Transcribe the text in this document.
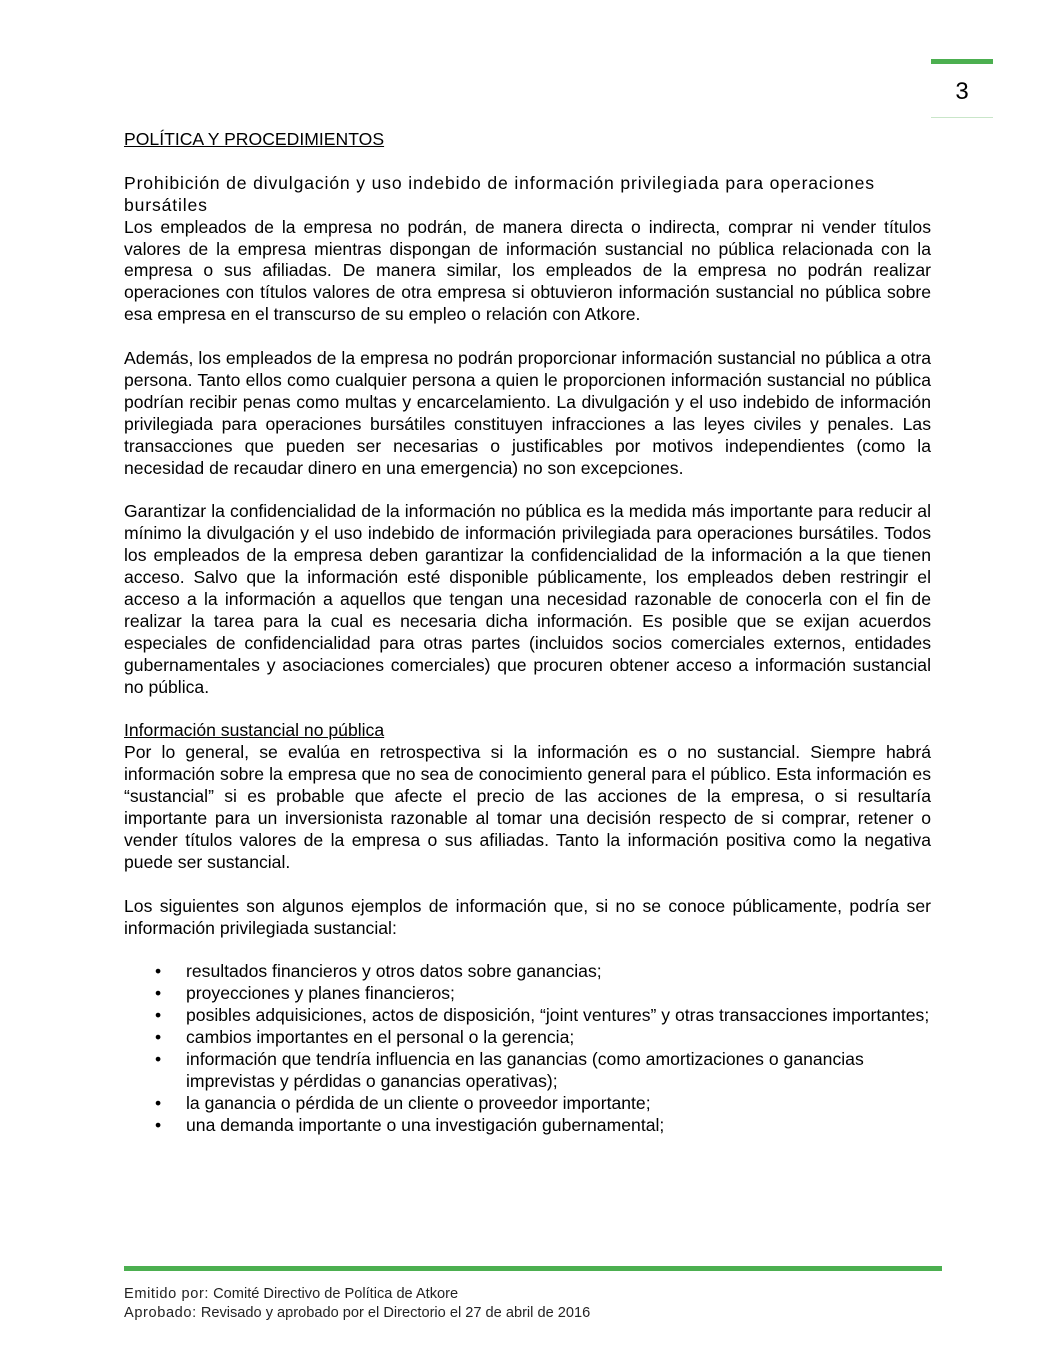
3

POLÍTICA Y PROCEDIMIENTOS

Prohibición de divulgación y uso indebido de información privilegiada para operaciones bursátiles

Los empleados de la empresa no podrán, de manera directa o indirecta, comprar ni vender títulos valores de la empresa mientras dispongan de información sustancial no pública relacionada con la empresa o sus afiliadas. De manera similar, los empleados de la empresa no podrán realizar operaciones con títulos valores de otra empresa si obtuvieron información sustancial no pública sobre esa empresa en el transcurso de su empleo o relación con Atkore.

Además, los empleados de la empresa no podrán proporcionar información sustancial no pública a otra persona. Tanto ellos como cualquier persona a quien le proporcionen información sustancial no pública podrían recibir penas como multas y encarcelamiento. La divulgación y el uso indebido de información privilegiada para operaciones bursátiles constituyen infracciones a las leyes civiles y penales. Las transacciones que pueden ser necesarias o justificables por motivos independientes (como la necesidad de recaudar dinero en una emergencia) no son excepciones.

Garantizar la confidencialidad de la información no pública es la medida más importante para reducir al mínimo la divulgación y el uso indebido de información privilegiada para operaciones bursátiles. Todos los empleados de la empresa deben garantizar la confidencialidad de la información a la que tienen acceso. Salvo que la información esté disponible públicamente, los empleados deben restringir el acceso a la información a aquellos que tengan una necesidad razonable de conocerla con el fin de realizar la tarea para la cual es necesaria dicha información. Es posible que se exijan acuerdos especiales de confidencialidad para otras partes (incluidos socios comerciales externos, entidades gubernamentales y asociaciones comerciales) que procuren obtener acceso a información sustancial no pública.

Información sustancial no pública

Por lo general, se evalúa en retrospectiva si la información es o no sustancial. Siempre habrá información sobre la empresa que no sea de conocimiento general para el público. Esta información es “sustancial” si es probable que afecte el precio de las acciones de la empresa, o si resultaría importante para un inversionista razonable al tomar una decisión respecto de si comprar, retener o vender títulos valores de la empresa o sus afiliadas. Tanto la información positiva como la negativa puede ser sustancial.

Los siguientes son algunos ejemplos de información que, si no se conoce públicamente, podría ser información privilegiada sustancial:

• resultados financieros y otros datos sobre ganancias;
• proyecciones y planes financieros;
• posibles adquisiciones, actos de disposición, “joint ventures” y otras transacciones importantes;
• cambios importantes en el personal o la gerencia;
• información que tendría influencia en las ganancias (como amortizaciones o ganancias imprevistas y pérdidas o ganancias operativas);
• la ganancia o pérdida de un cliente o proveedor importante;
• una demanda importante o una investigación gubernamental;
Emitido por: Comité Directivo de Política de Atkore
Aprobado: Revisado y aprobado por el Directorio el 27 de abril de 2016
